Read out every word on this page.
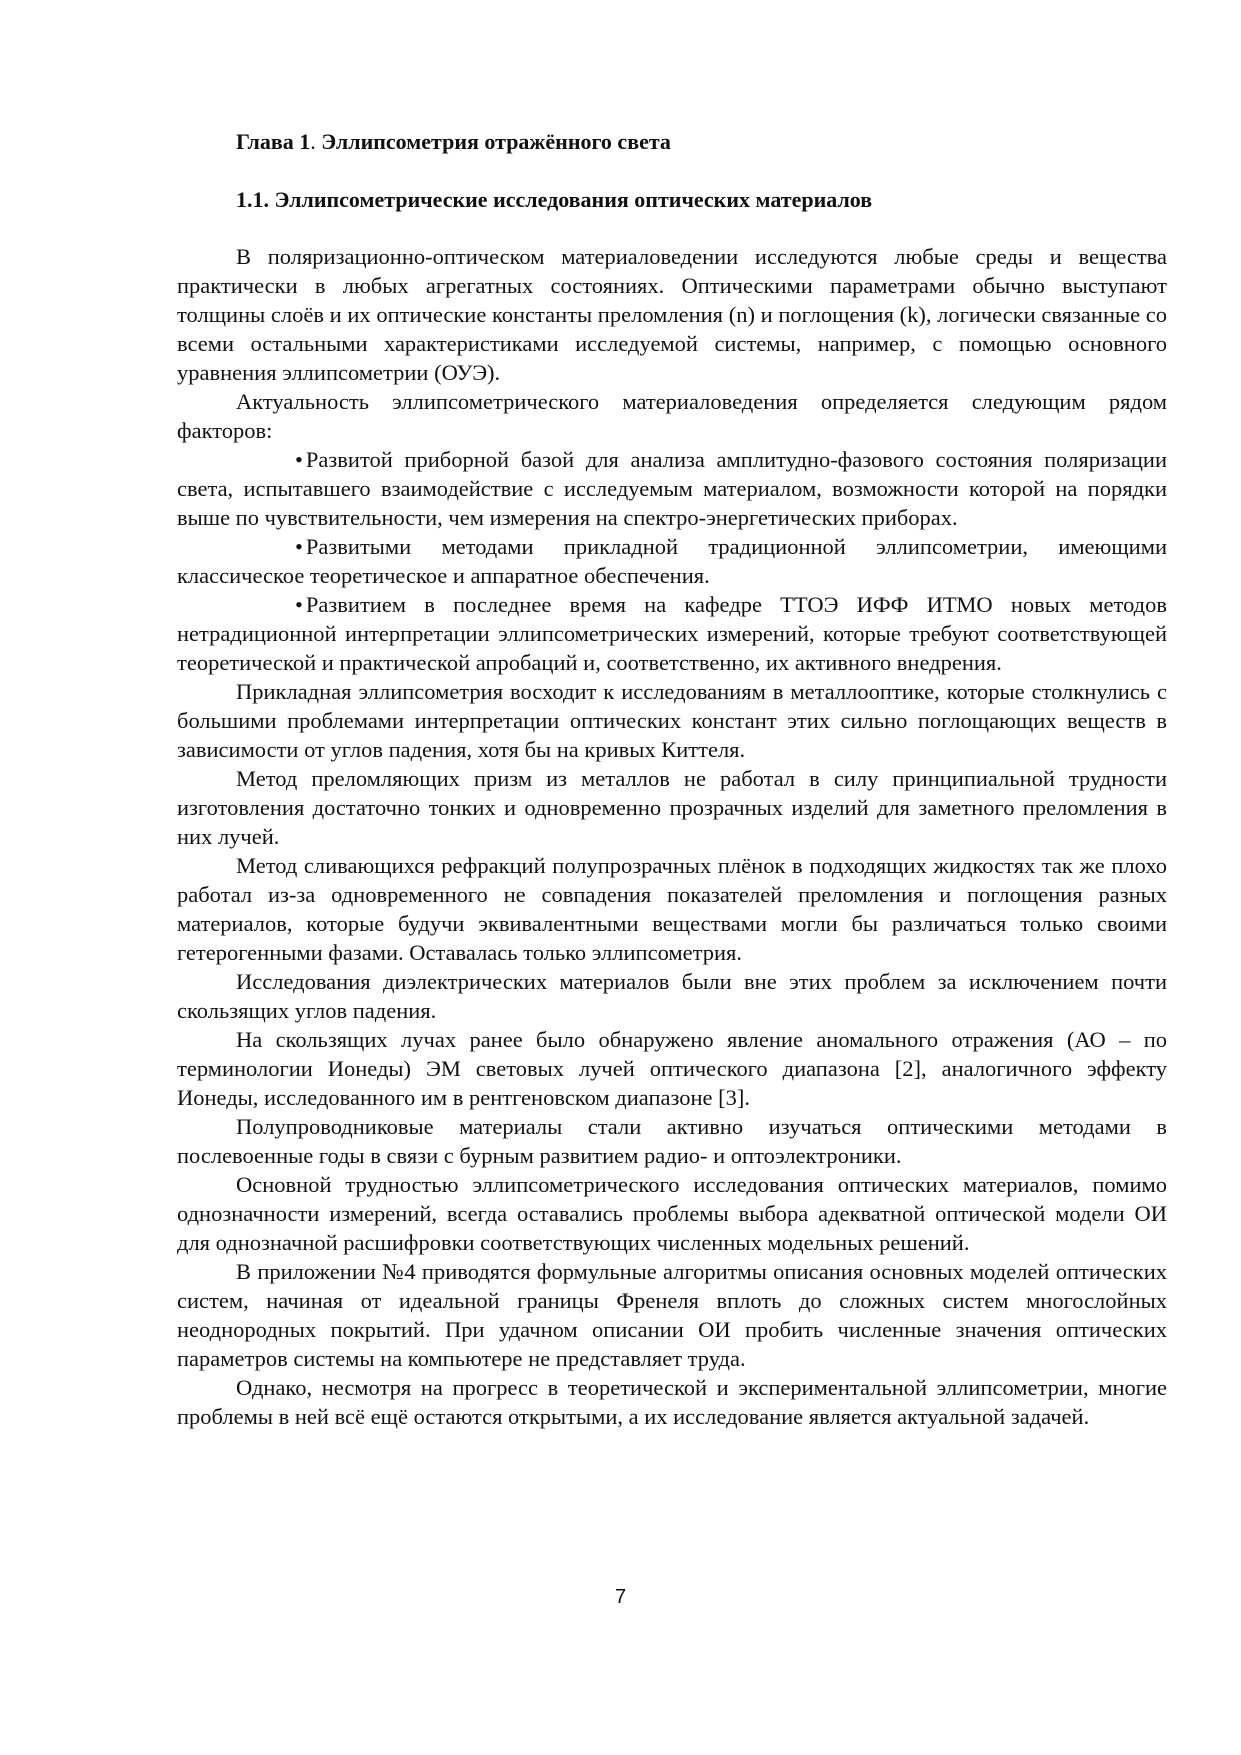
Глава 1. Эллипсометрия отражённого света
1.1. Эллипсометрические исследования оптических материалов

В поляризационно-оптическом материаловедении исследуются любые среды и вещества практически в любых агрегатных состояниях. Оптическими параметрами обычно выступают толщины слоёв и их оптические константы преломления (n) и поглощения (k), логически связанные со всеми остальными характеристиками исследуемой системы, например, с помощью основного уравнения эллипсометрии (ОУЭ).

Актуальность эллипсометрического материаловедения определяется следующим рядом факторов:

• Развитой приборной базой для анализа амплитудно-фазового состояния поляризации света, испытавшего взаимодействие с исследуемым материалом, возможности которой на порядки выше по чувствительности, чем измерения на спектро-энергетических приборах.

• Развитыми методами прикладной традиционной эллипсометрии, имеющими классическое теоретическое и аппаратное обеспечения.

• Развитием в последнее время на кафедре ТТОЭ ИФФ ИТМО новых методов нетрадиционной интерпретации эллипсометрических измерений, которые требуют соответствующей теоретической и практической апробаций и, соответственно, их активного внедрения.

Прикладная эллипсометрия восходит к исследованиям в металлооптике, которые столкнулись с большими проблемами интерпретации оптических констант этих сильно поглощающих веществ в зависимости от углов падения, хотя бы на кривых Киттеля.

Метод преломляющих призм из металлов не работал в силу принципиальной трудности изготовления достаточно тонких и одновременно прозрачных изделий для заметного преломления в них лучей.

Метод сливающихся рефракций полупрозрачных плёнок в подходящих жидкостях так же плохо работал из-за одновременного не совпадения показателей преломления и поглощения разных материалов, которые будучи эквивалентными веществами могли бы различаться только своими гетерогенными фазами. Оставалась только эллипсометрия.

Исследования диэлектрических материалов были вне этих проблем за исключением почти скользящих углов падения.

На скользящих лучах ранее было обнаружено явление аномального отражения (АО – по терминологии Ионеды) ЭМ световых лучей оптического диапазона [2], аналогичного эффекту Ионеды, исследованного им в рентгеновском диапазоне [3].

Полупроводниковые материалы стали активно изучаться оптическими методами в послевоенные годы в связи с бурным развитием радио- и оптоэлектроники.

Основной трудностью эллипсометрического исследования оптических материалов, помимо однозначности измерений, всегда оставались проблемы выбора адекватной оптической модели ОИ для однозначной расшифровки соответствующих численных модельных решений.

В приложении №4 приводятся формульные алгоритмы описания основных моделей оптических систем, начиная от идеальной границы Френеля вплоть до сложных систем многослойных неоднородных покрытий. При удачном описании ОИ пробить численные значения оптических параметров системы на компьютере не представляет труда.

Однако, несмотря на прогресс в теоретической и экспериментальной эллипсометрии, многие проблемы в ней всё ещё остаются открытыми, а их исследование является актуальной задачей.

7
